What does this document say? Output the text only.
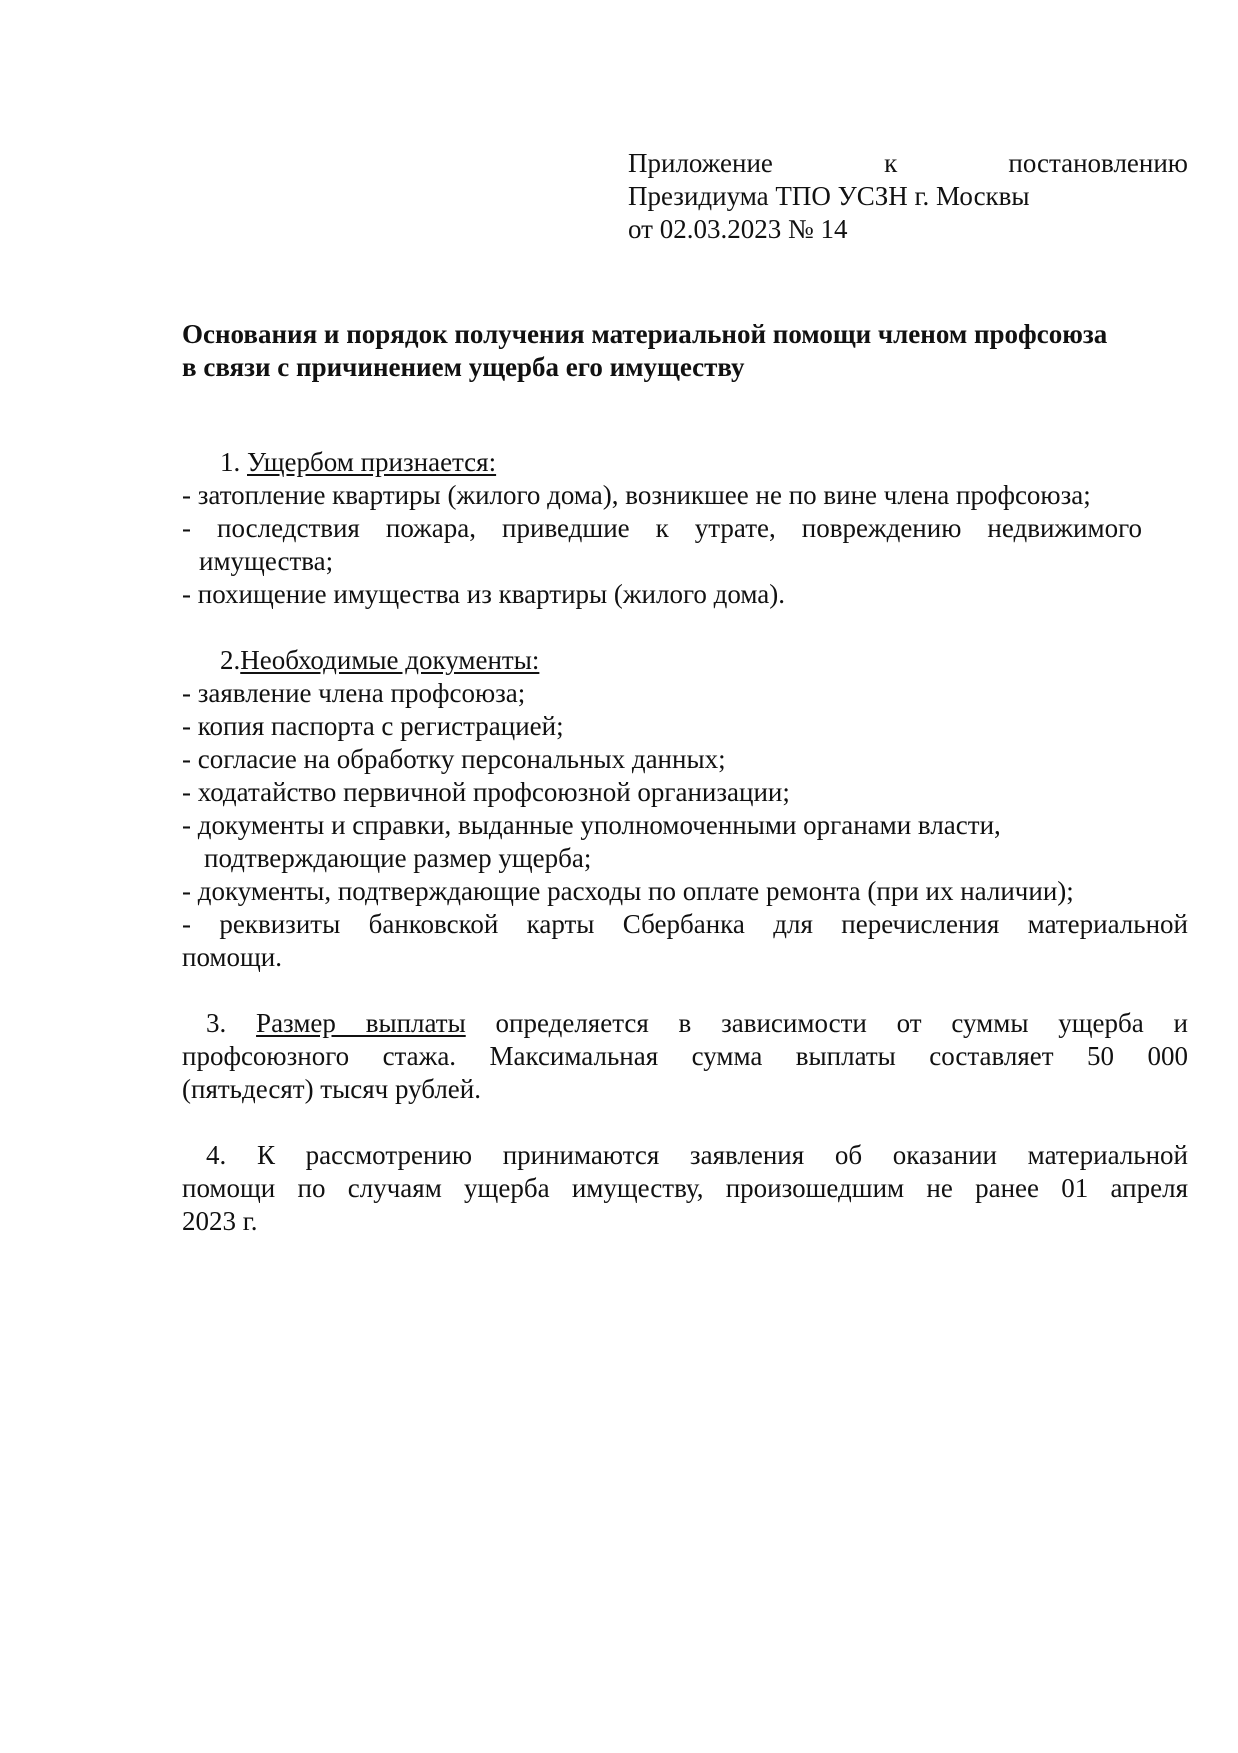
Приложение	к	постановлению
Президиума ТПО УСЗН г. Москвы
от 02.03.2023 № 14
Основания и порядок получения материальной помощи членом профсоюза
в связи с причинением ущерба его имуществу
1. Ущербом признается:
- затопление квартиры (жилого дома), возникшее не по вине члена профсоюза;
- последствия пожара, приведшие к утрате, повреждению недвижимого
имущества;
- похищение имущества из квартиры (жилого дома).
2.Необходимые документы:
- заявление члена профсоюза;
- копия паспорта с регистрацией;
- согласие на обработку персональных данных;
- ходатайство первичной профсоюзной организации;
- документы и справки, выданные уполномоченными органами власти,
подтверждающие размер ущерба;
- документы, подтверждающие расходы по оплате ремонта (при их наличии);
- реквизиты банковской карты Сбербанка для перечисления материальной
помощи.
3. Размер выплаты определяется в зависимости от суммы ущерба и
профсоюзного стажа. Максимальная сумма выплаты составляет 50 000
(пятьдесят) тысяч рублей.
4. К рассмотрению принимаются заявления об оказании материальной
помощи по случаям ущерба имуществу, произошедшим не ранее 01 апреля
2023 г.
